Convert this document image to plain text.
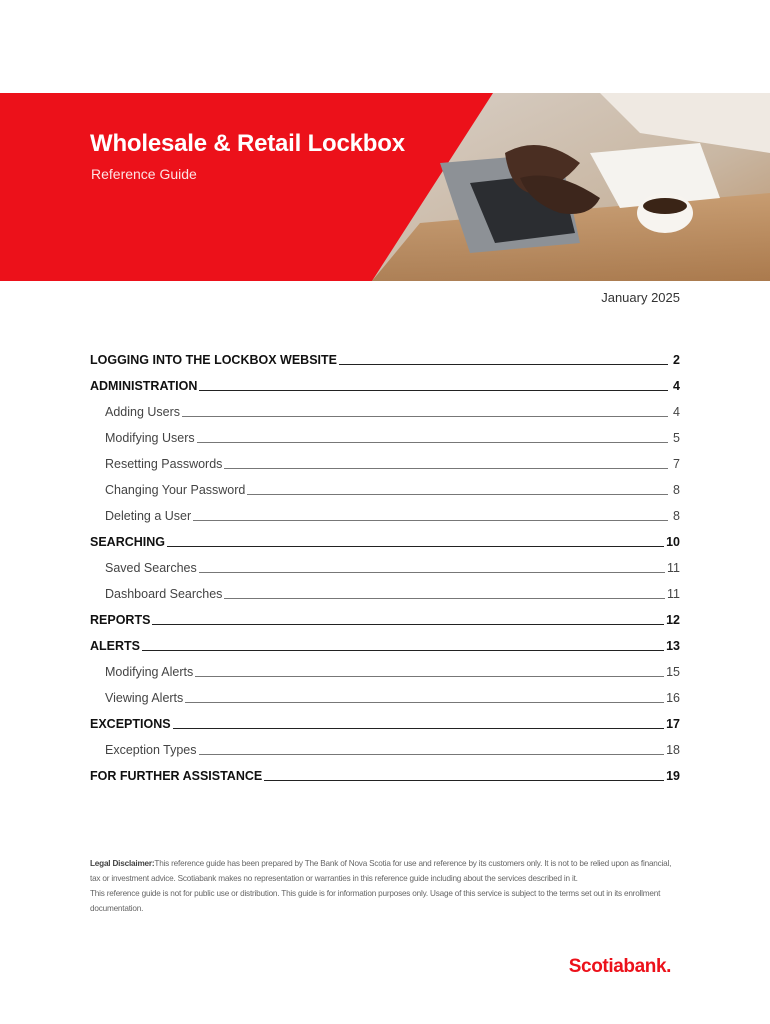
Wholesale & Retail Lockbox
Reference Guide
January 2025
LOGGING INTO THE LOCKBOX WEBSITE	2
ADMINISTRATION	4
Adding Users	4
Modifying Users	5
Resetting Passwords	7
Changing Your Password	8
Deleting a User	8
SEARCHING	10
Saved Searches	11
Dashboard Searches	11
REPORTS	12
ALERTS	13
Modifying Alerts	15
Viewing Alerts	16
EXCEPTIONS	17
Exception Types	18
FOR FURTHER ASSISTANCE	19
Legal Disclaimer:This reference guide has been prepared by The Bank of Nova Scotia for use and reference by its customers only. It is not to be relied upon as financial, tax or investment advice. Scotiabank makes no representation or warranties in this reference guide including about the services described in it.
This reference guide is not for public use or distribution. This guide is for information purposes only. Usage of this service is subject to the terms set out in its enrollment documentation.
Scotiabank.
